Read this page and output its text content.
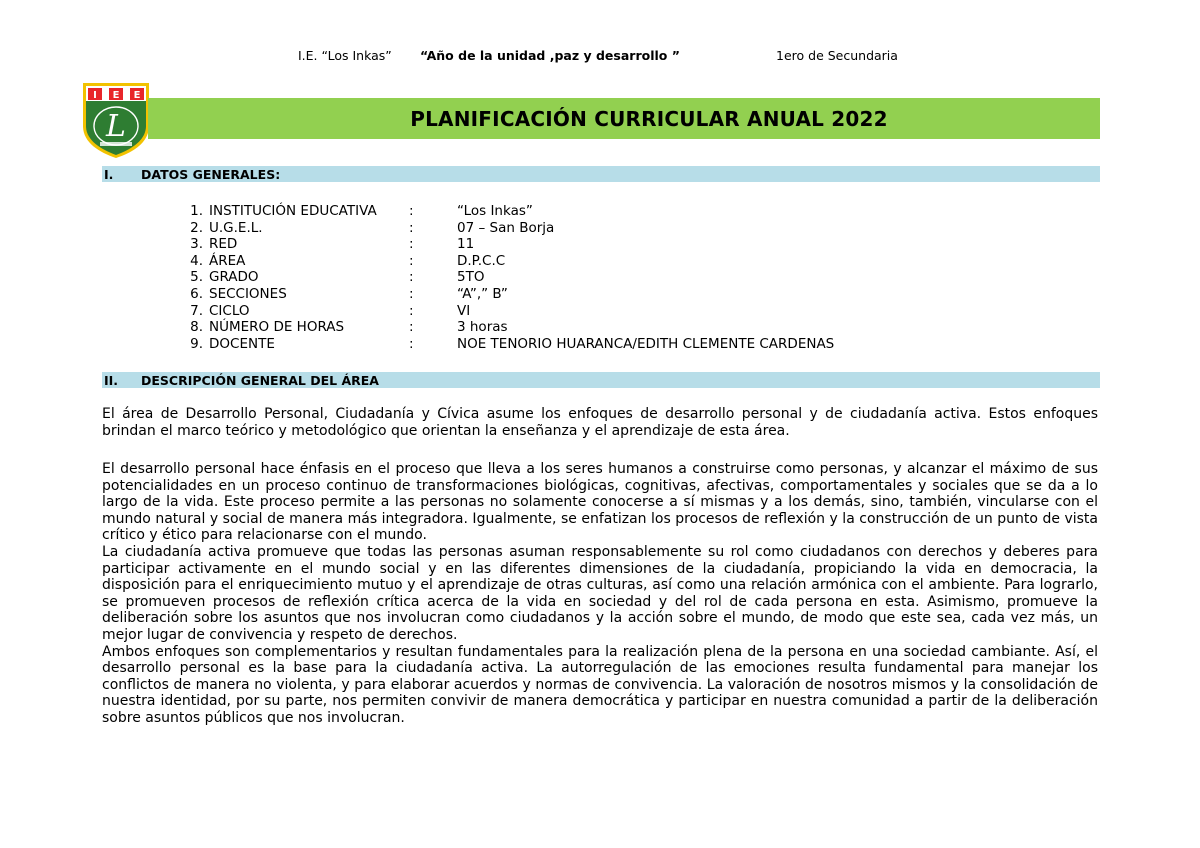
I.E. “Los Inkas” “Año de la unidad ,paz y desarrollo ”	1ero de Secundaria
I E E
L	PLANIFICACIÓN CURRICULAR ANUAL 2022
I.	DATOS GENERALES:
1. INSTITUCIÓN EDUCATIVA	:	“Los Inkas”
2. U.G.E.L.	:	07 – San Borja
3. RED	:	11
4. ÁREA	:	D.P.C.C
5. GRADO	:	5TO
6. SECCIONES	:	“A”,” B”
7. CICLO	:	VI
8. NÚMERO DE HORAS	:	3 horas
9. DOCENTE	:	NOE TENORIO HUARANCA/EDITH CLEMENTE CARDENAS
II.	DESCRIPCIÓN GENERAL DEL ÁREA

El área de Desarrollo Personal, Ciudadanía y Cívica asume los enfoques de desarrollo personal y de ciudadanía activa. Estos enfoques brindan el marco teórico y metodológico que orientan la enseñanza y el aprendizaje de esta área.

El desarrollo personal hace énfasis en el proceso que lleva a los seres humanos a construirse como personas, y alcanzar el máximo de sus potencialidades en un proceso continuo de transformaciones biológicas, cognitivas, afectivas, comportamentales y sociales que se da a lo largo de la vida. Este proceso permite a las personas no solamente conocerse a sí mismas y a los demás, sino, también, vincularse con el mundo natural y social de manera más integradora. Igualmente, se enfatizan los procesos de reflexión y la construcción de un punto de vista crítico y ético para relacionarse con el mundo.

La ciudadanía activa promueve que todas las personas asuman responsablemente su rol como ciudadanos con derechos y deberes para participar activamente en el mundo social y en las diferentes dimensiones de la ciudadanía, propiciando la vida en democracia, la disposición para el enriquecimiento mutuo y el aprendizaje de otras culturas, así como una relación armónica con el ambiente. Para lograrlo, se promueven procesos de reflexión crítica acerca de la vida en sociedad y del rol de cada persona en esta. Asimismo, promueve la deliberación sobre los asuntos que nos involucran como ciudadanos y la acción sobre el mundo, de modo que este sea, cada vez más, un mejor lugar de convivencia y respeto de derechos.

Ambos enfoques son complementarios y resultan fundamentales para la realización plena de la persona en una sociedad cambiante. Así, el desarrollo personal es la base para la ciudadanía activa. La autorregulación de las emociones resulta fundamental para manejar los conflictos de manera no violenta, y para elaborar acuerdos y normas de convivencia. La valoración de nosotros mismos y la consolidación de nuestra identidad, por su parte, nos permiten convivir de manera democrática y participar en nuestra comunidad a partir de la deliberación sobre asuntos públicos que nos involucran.
